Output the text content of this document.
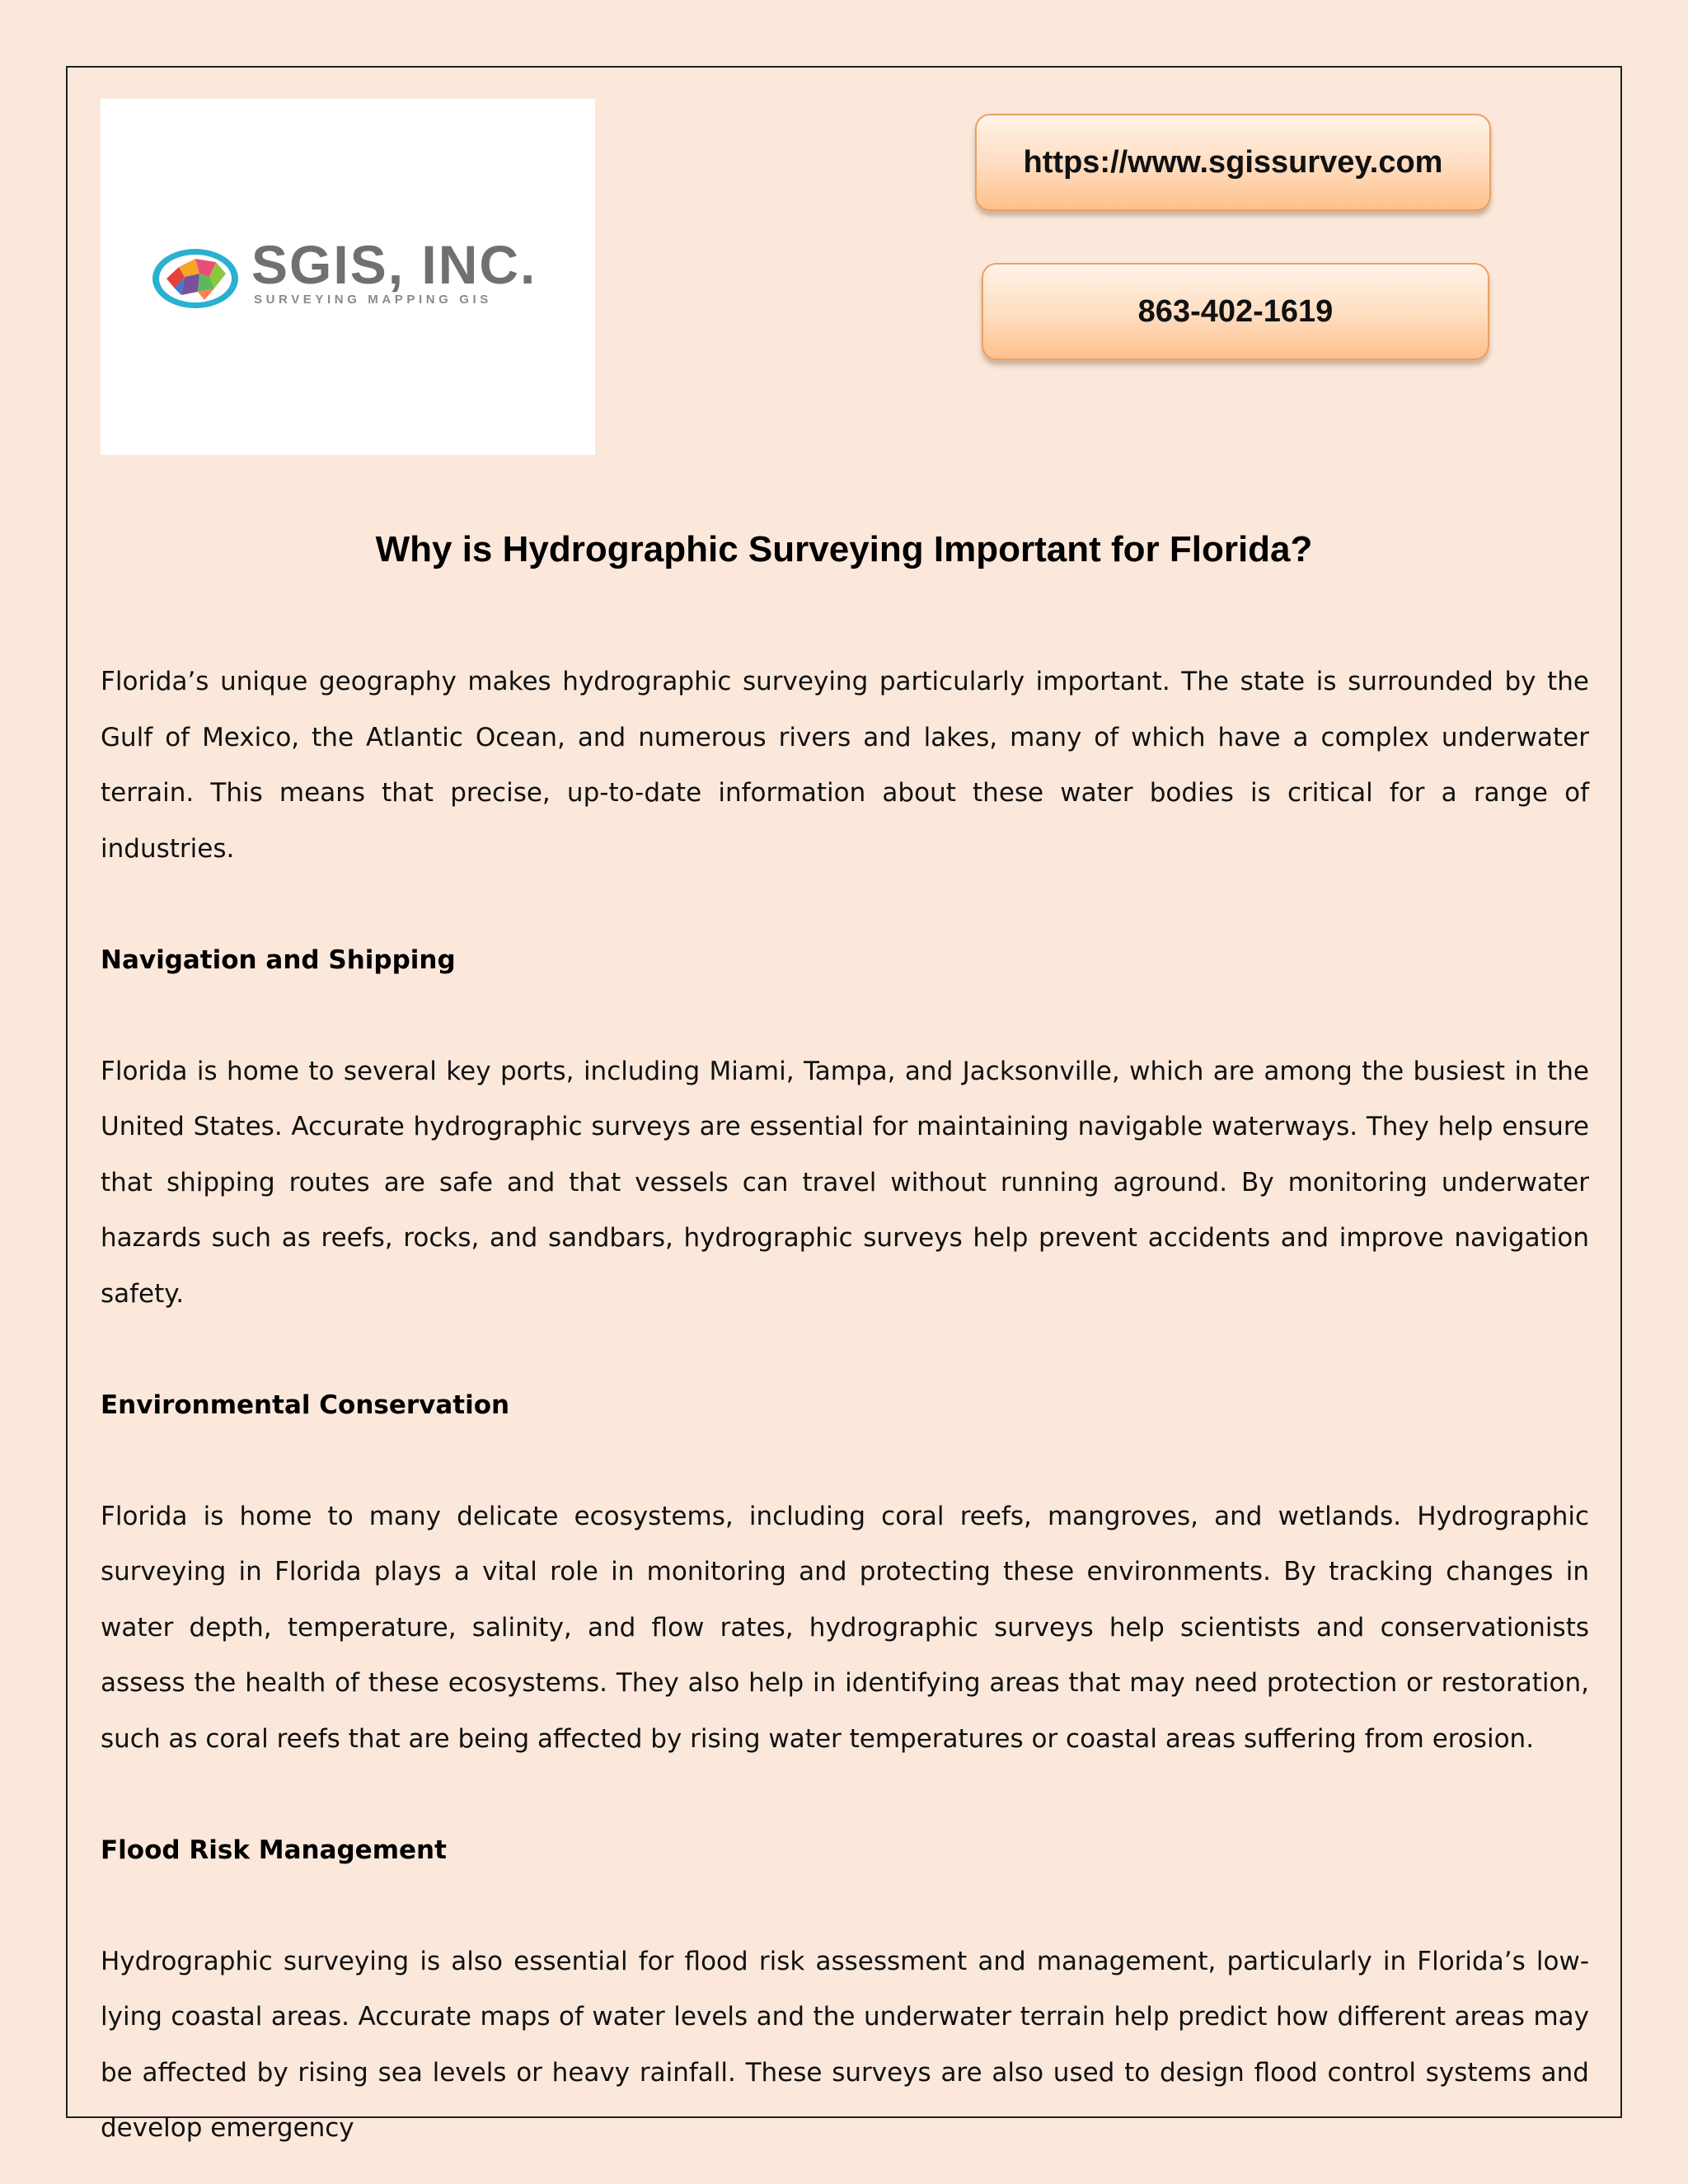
SGIS, INC.
SURVEYING MAPPING GIS
https://www.sgissurvey.com
863-402-1619
Why is Hydrographic Surveying Important for Florida?

Florida’s unique geography makes hydrographic surveying particularly important. The state is surrounded by the Gulf of Mexico, the Atlantic Ocean, and numerous rivers and lakes, many of which have a complex underwater terrain. This means that precise, up-to-date information about these water bodies is critical for a range of industries.

Navigation and Shipping

Florida is home to several key ports, including Miami, Tampa, and Jacksonville, which are among the busiest in the United States. Accurate hydrographic surveys are essential for maintaining navigable waterways. They help ensure that shipping routes are safe and that vessels can travel without running aground. By monitoring underwater hazards such as reefs, rocks, and sandbars, hydrographic surveys help prevent accidents and improve navigation safety.

Environmental Conservation

Florida is home to many delicate ecosystems, including coral reefs, mangroves, and wetlands. Hydrographic surveying in Florida plays a vital role in monitoring and protecting these environments. By tracking changes in water depth, temperature, salinity, and flow rates, hydrographic surveys help scientists and conservationists assess the health of these ecosystems. They also help in identifying areas that may need protection or restoration, such as coral reefs that are being affected by rising water temperatures or coastal areas suffering from erosion.

Flood Risk Management

Hydrographic surveying is also essential for flood risk assessment and management, particularly in Florida’s low-lying coastal areas. Accurate maps of water levels and the underwater terrain help predict how different areas may be affected by rising sea levels or heavy rainfall. These surveys are also used to design flood control systems and develop emergency
